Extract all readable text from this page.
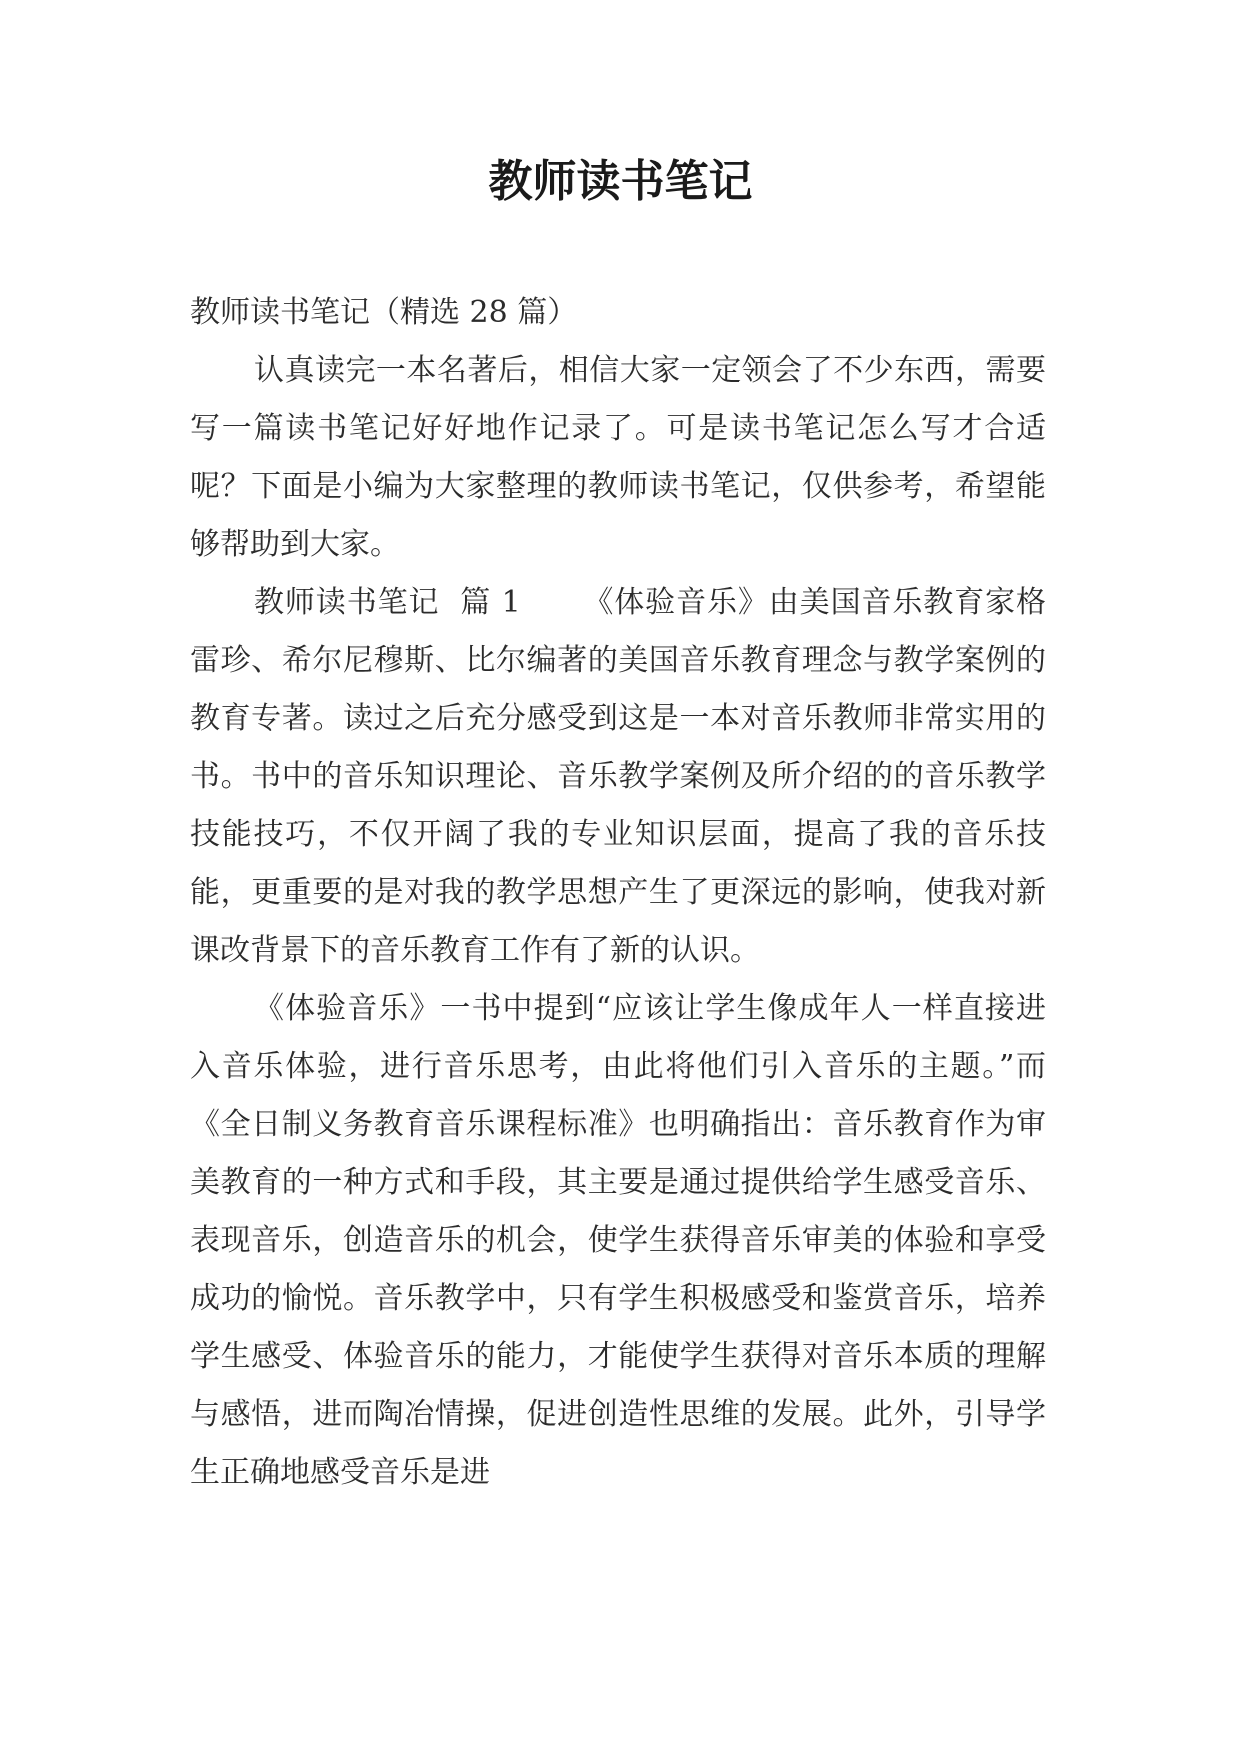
教师读书笔记

教师读书笔记（精选 28 篇）

认真读完一本名著后，相信大家一定领会了不少东西，需要写一篇读书笔记好好地作记录了。可是读书笔记怎么写才合适呢？下面是小编为大家整理的教师读书笔记，仅供参考，希望能够帮助到大家。

教师读书笔记  篇 1      《体验音乐》由美国音乐教育家格雷珍、希尔尼穆斯、比尔编著的美国音乐教育理念与教学案例的教育专著。读过之后充分感受到这是一本对音乐教师非常实用的书。书中的音乐知识理论、音乐教学案例及所介绍的的音乐教学技能技巧，不仅开阔了我的专业知识层面，提高了我的音乐技能，更重要的是对我的教学思想产生了更深远的影响，使我对新课改背景下的音乐教育工作有了新的认识。

《体验音乐》一书中提到“应该让学生像成年人一样直接进入音乐体验，进行音乐思考，由此将他们引入音乐的主题。”而《全日制义务教育音乐课程标准》也明确指出：音乐教育作为审美教育的一种方式和手段，其主要是通过提供给学生感受音乐、表现音乐，创造音乐的机会，使学生获得音乐审美的体验和享受成功的愉悦。音乐教学中，只有学生积极感受和鉴赏音乐，培养学生感受、体验音乐的能力，才能使学生获得对音乐本质的理解与感悟，进而陶冶情操，促进创造性思维的发展。此外，引导学生正确地感受音乐是进
